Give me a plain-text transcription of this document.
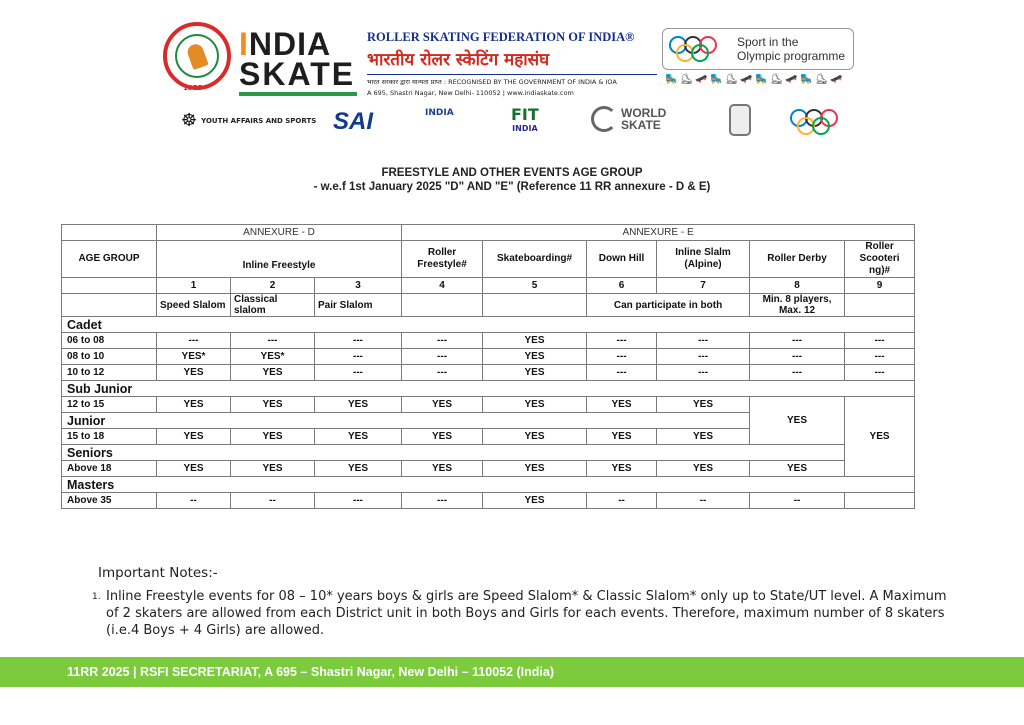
1955
INDIA
SKATE
ROLLER SKATING FEDERATION OF INDIA®
भारतीय रोलर स्केटिंग महासंघ
भारत सरकार द्वारा मान्यता प्राप्त : RECOGNISED BY THE GOVERNMENT OF INDIA & IOA
A 695, Shastri Nagar, New Delhi- 110052 | www.indiaskate.com
Sport in the
Olympic programme
🛼 ⛸ 🛹 🛼 ⛸ 🛹 🛼 ⛸ 🛹 🛼 ⛸ 🛹
☸ YOUTH AFFAIRS AND SPORTS SAI	INDIA	FIT
INDIA
WORLD
SKATE
FREESTYLE AND OTHER EVENTS AGE GROUP
- w.e.f 1st January 2025 "D" AND "E" (Reference 11 RR annexure - D & E)
	ANNEXURE - D			ANNEXURE - E					
AGE GROUP	Inline Freestyle			Roller Freestyle#	Skateboarding#	Down Hill	Inline Slalm (Alpine)	Roller Derby	Roller Scooteri ng)#
	1	2	3	4	5	6	7	8	9
	Speed Slalom	Classical slalom	Pair Slalom			Can participate in both		Min. 8 players, Max. 12	
Cadet									
06 to 08	---	---	---	---	YES	---	---	---	---
08 to 10	YES*	YES*	---	---	YES	---	---	---	---
10 to 12	YES	YES	---	---	YES	---	---	---	---
Sub Junior									
12 to 15	YES	YES	YES	YES	YES	YES	YES	YES	YES
Junior									
15 to 18	YES	YES	YES	YES	YES	YES	YES		
Seniors									
Above 18	YES	YES	YES	YES	YES	YES	YES	YES	
Masters									
Above 35	--	--	---	---	YES	--	--	--	
Important Notes:-
1. Inline Freestyle events for 08 – 10* years boys & girls are Speed Slalom* & Classic Slalom* only up to State/UT level. A Maximum of 2 skaters are allowed from each District unit in both Boys and Girls for each events. Therefore, maximum number of 8 skaters (i.e.4 Boys + 4 Girls) are allowed.
11RR 2025 | RSFI SECRETARIAT, A 695 – Shastri Nagar, New Delhi – 110052 (India)
